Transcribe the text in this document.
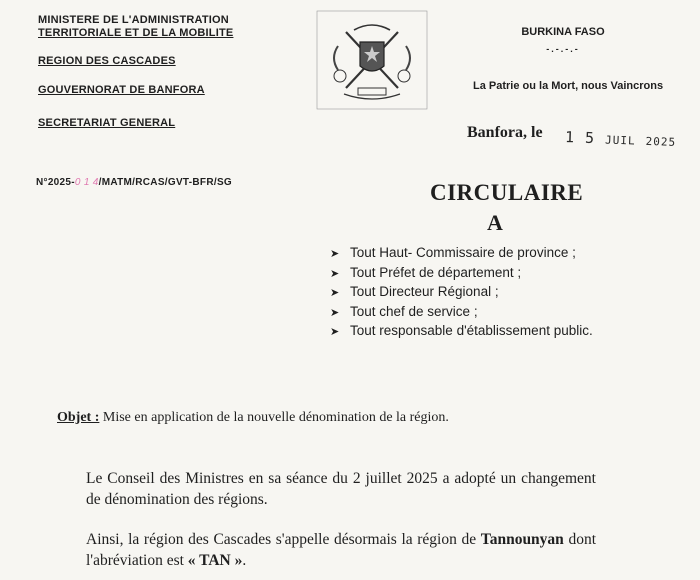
MINISTERE DE L'ADMINISTRATION
TERRITORIALE ET DE LA MOBILITE
REGION DES CASCADES
GOUVERNORAT DE BANFORA
SECRETARIAT GENERAL
N°2025-0 1 4/MATM/RCAS/GVT-BFR/SG
BURKINA FASO
-.-.-.-
La Patrie ou la Mort, nous Vaincrons
Banfora, le 1 5 JUIL 2025
CIRCULAIRE
A
➤ Tout Haut- Commissaire de province ;
➤ Tout Préfet de département ;
➤ Tout Directeur Régional ;
➤ Tout chef de service ;
➤ Tout responsable d'établissement public.
Objet : Mise en application de la nouvelle dénomination de la région.
Le Conseil des Ministres en sa séance du 2 juillet 2025 a adopté un changement de dénomination des régions.
Ainsi, la région des Cascades s'appelle désormais la région de Tannounyan dont l'abréviation est « TAN ».
